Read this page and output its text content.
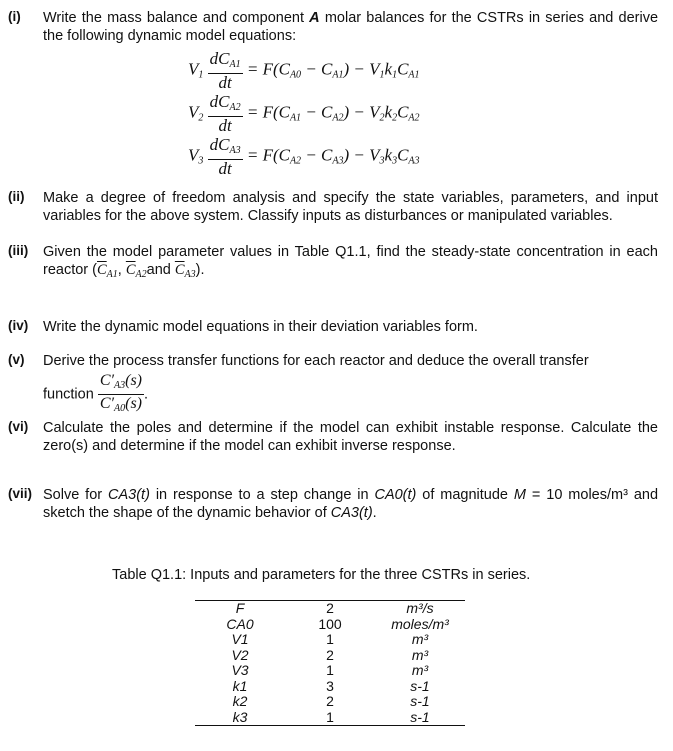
(i) Write the mass balance and component A molar balances for the CSTRs in series and derive the following dynamic model equations:
$V_1 \frac{dC_{A1}}{dt} = F(C_{A0} - C_{A1}) - V_1k_1C_{A1}$
$V_2 \frac{dC_{A2}}{dt} = F(C_{A1} - C_{A2}) - V_2k_2C_{A2}$
$V_3 \frac{dC_{A3}}{dt} = F(C_{A2} - C_{A3}) - V_3k_3C_{A3}$
(ii) Make a degree of freedom analysis and specify the state variables, parameters, and input variables for the above system. Classify inputs as disturbances or manipulated variables.
(iii) Given the model parameter values in Table Q1.1, find the steady-state concentration in each reactor ($\overline{C}_{A1}$, $\overline{C}_{A2}and$ $\overline{C}_{A3}$).
(iv) Write the dynamic model equations in their deviation variables form.
(v) Derive the process transfer functions for each reactor and deduce the overall transfer
function $\frac{C'_{A3}(s)}{C'_{A0}(s)}$ .
(vi) Calculate the poles and determine if the model can exhibit instable response. Calculate the zero(s) and determine if the model can exhibit inverse response.
(vii) Solve for CA3(t) in response to a step change in CA0(t) of magnitude M = 10 moles/m³ and sketch the shape of the dynamic behavior of CA3(t).
Table Q1.1: Inputs and parameters for the three CSTRs in series.
F	2	m³/s
CA0	100	moles/m³
V1	1	m³
V2	2	m³
V3	1	m³
k1	3	s-1
k2	2	s-1
k3	1	s-1
